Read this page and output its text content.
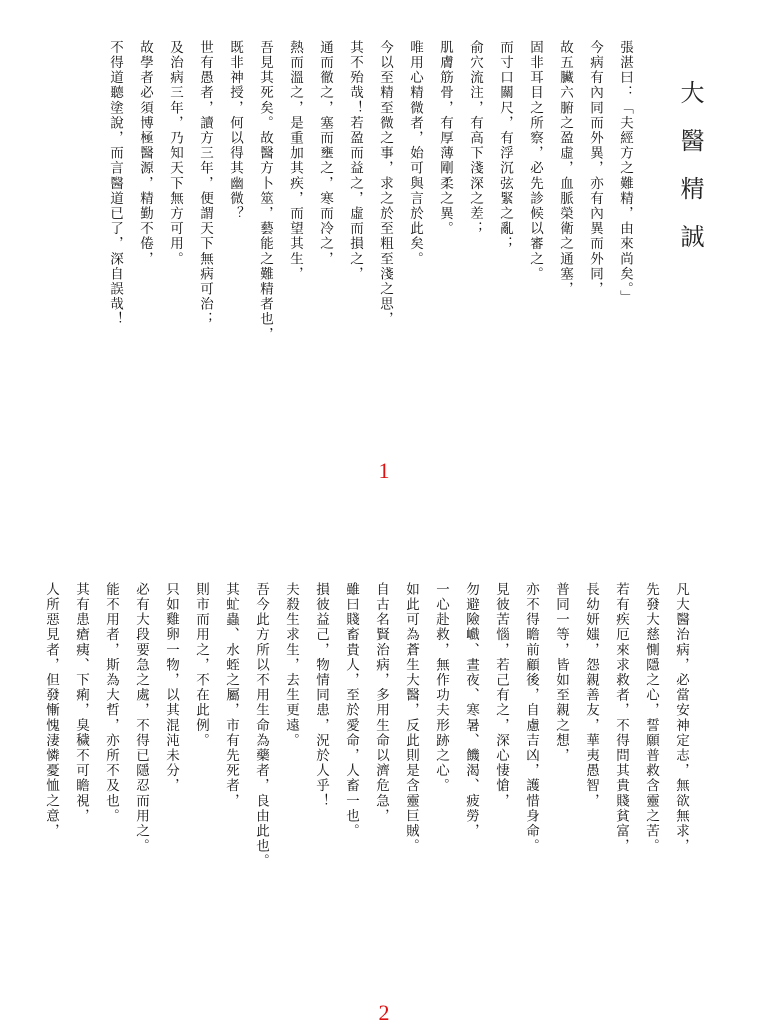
大醫精誠
張湛曰：「夫經方之難精，由來尚矣。」
今病有內同而外異，亦有內異而外同，
故五臟六腑之盈虛，血脈榮衛之通塞，
固非耳目之所察，必先診候以審之。
而寸口關尺，有浮沉弦緊之亂；
俞穴流注，有高下淺深之差；
肌膚筋骨，有厚薄剛柔之異。
唯用心精微者，始可與言於此矣。
今以至精至微之事，求之於至粗至淺之思，
其不殆哉！若盈而益之，虛而損之，
通而徹之，塞而壅之，寒而冷之，
熱而溫之，是重加其疾，而望其生，
吾見其死矣。故醫方卜筮，藝能之難精者也，
既非神授，何以得其幽微？
世有愚者，讀方三年，便謂天下無病可治；
及治病三年，乃知天下無方可用。
故學者必須博極醫源，精勤不倦，
不得道聽塗說，而言醫道已了，深自誤哉！
1
凡大醫治病，必當安神定志，無欲無求，
先發大慈惻隱之心，誓願普救含靈之苦。
若有疾厄來求救者，不得問其貴賤貧富，
長幼妍媸，怨親善友，華夷愚智，
普同一等，皆如至親之想，
亦不得瞻前顧後，自慮吉凶，護惜身命。
見彼苦惱，若己有之，深心悽愴，
勿避險巇、晝夜、寒暑、饑渴、疲勞，
一心赴救，無作功夫形跡之心。
如此可為蒼生大醫，反此則是含靈巨賊。
自古名賢治病，多用生命以濟危急，
雖曰賤畜貴人，至於愛命，人畜一也。
損彼益己，物情同患，況於人乎！
夫殺生求生，去生更遠。
吾今此方所以不用生命為藥者，良由此也。
其虻蟲、水蛭之屬，市有先死者，
則市而用之，不在此例。
只如雞卵一物，以其混沌未分，
必有大段要急之處，不得已隱忍而用之。
能不用者，斯為大哲，亦所不及也。
其有患瘡痍、下痢，臭穢不可瞻視，
人所惡見者，但發慚愧淒憐憂恤之意，
2
